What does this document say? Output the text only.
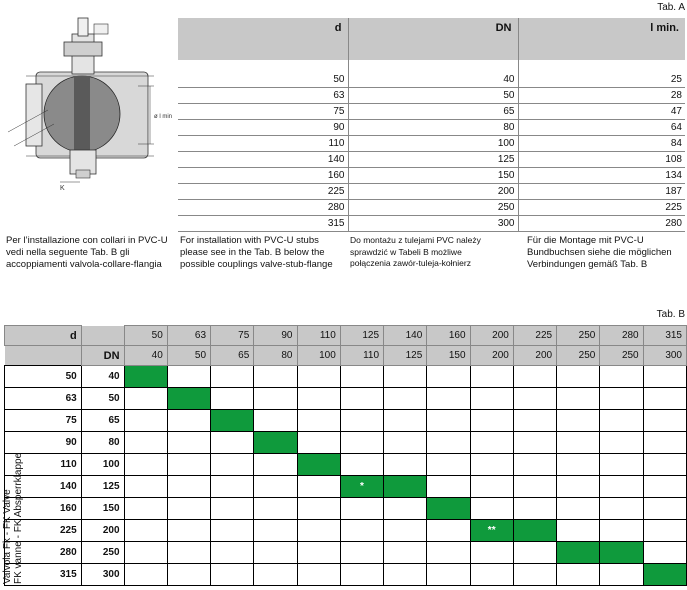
ø l min
K
Tab. A
d	DN	l min.

50	40	25
63	50	28
75	65	47
90	80	64
110	100	84
140	125	108
160	150	134
225	200	187
280	250	225
315	300	280
Per l’installazione con collari in PVC-U vedi nella seguente Tab. B gli accoppiamenti valvola-collare-flangia
For installation with PVC-U stubs please see in the Tab. B below the possible couplings valve-stub-flange
Do montażu z tulejami PVC należy sprawdzić w Tabeli B możliwe połączenia zawór-tuleja-kołnierz
Für die Montage mit PVC-U Bundbuchsen siehe die möglichen Verbindungen gemäß Tab. B
Tab. B
d		50	63	75	90	110	125	140	160	200	225	250	280	315
	DN	40	50	65	80	100	110	125	150	200	200	250	250	300
50	40													
63	50													
75	65													
90	80													
110	100													
140	125						*							
160	150													
225	200									**				
280	250													
315	300													
Valvola Fk - FK Valve FK vanne - FK Absperrklappe
